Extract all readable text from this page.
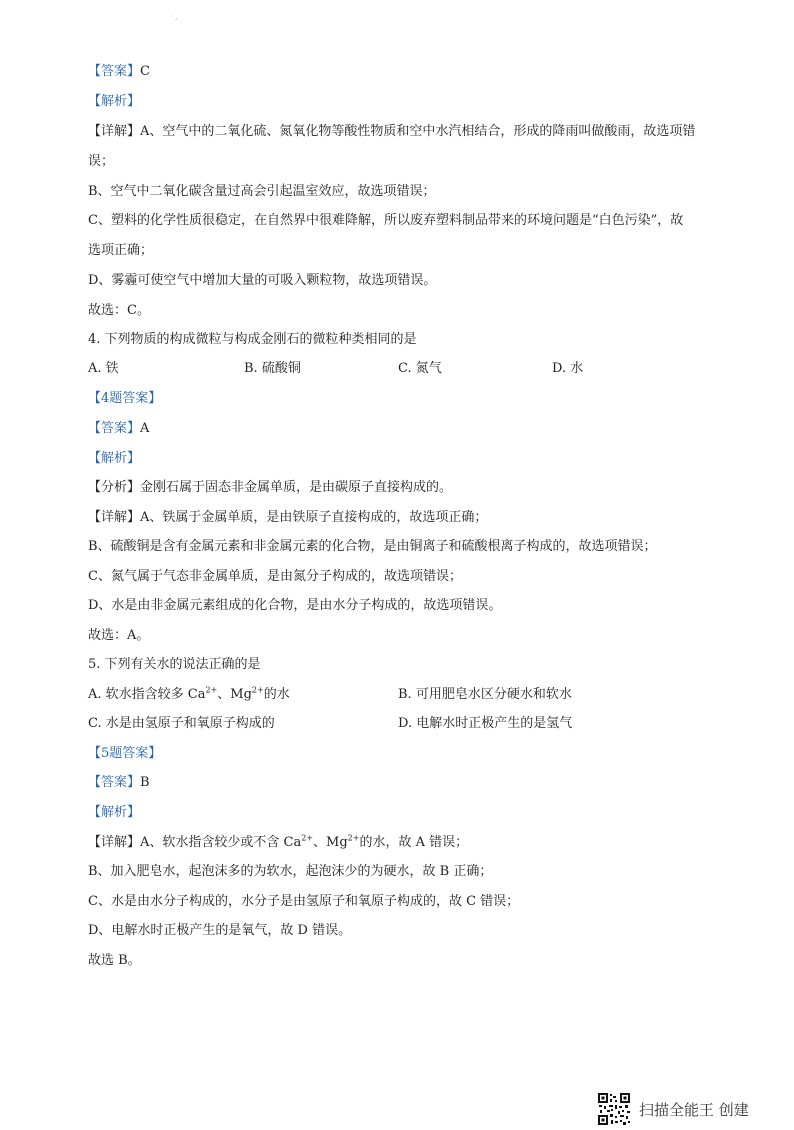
· ,
【答案】C
【解析】
【详解】A、空气中的二氧化硫、氮氧化物等酸性物质和空中水汽相结合，形成的降雨叫做酸雨，故选项错
误；
B、空气中二氧化碳含量过高会引起温室效应，故选项错误；
C、塑料的化学性质很稳定，在自然界中很难降解，所以废弃塑料制品带来的环境问题是“白色污染”，故
选项正确；
D、雾霾可使空气中增加大量的可吸入颗粒物，故选项错误。
故选：C。
4. 下列物质的构成微粒与构成金刚石的微粒种类相同的是
A. 铁	B. 硫酸铜	C. 氮气	D. 水
【4题答案】
【答案】A
【解析】
【分析】金刚石属于固态非金属单质，是由碳原子直接构成的。
【详解】A、铁属于金属单质，是由铁原子直接构成的，故选项正确；
B、硫酸铜是含有金属元素和非金属元素的化合物，是由铜离子和硫酸根离子构成的，故选项错误；
C、氮气属于气态非金属单质，是由氮分子构成的，故选项错误；
D、水是由非金属元素组成的化合物，是由水分子构成的，故选项错误。
故选：A。
5. 下列有关水的说法正确的是
A. 软水指含较多 $Ca^{2+}$、$Mg^{2+}$的水	B. 可用肥皂水区分硬水和软水
C. 水是由氢原子和氧原子构成的	D. 电解水时正极产生的是氢气
【5题答案】
【答案】B
【解析】
【详解】A、软水指含较少或不含 $Ca^{2+}$、$Mg^{2+}$的水，故 A 错误；
B、加入肥皂水，起泡沫多的为软水，起泡沫少的为硬水，故 B 正确；
C、水是由水分子构成的，水分子是由氢原子和氧原子构成的，故 C 错误；
D、电解水时正极产生的是氧气，故 D 错误。
故选 B。
扫描全能王 创建
